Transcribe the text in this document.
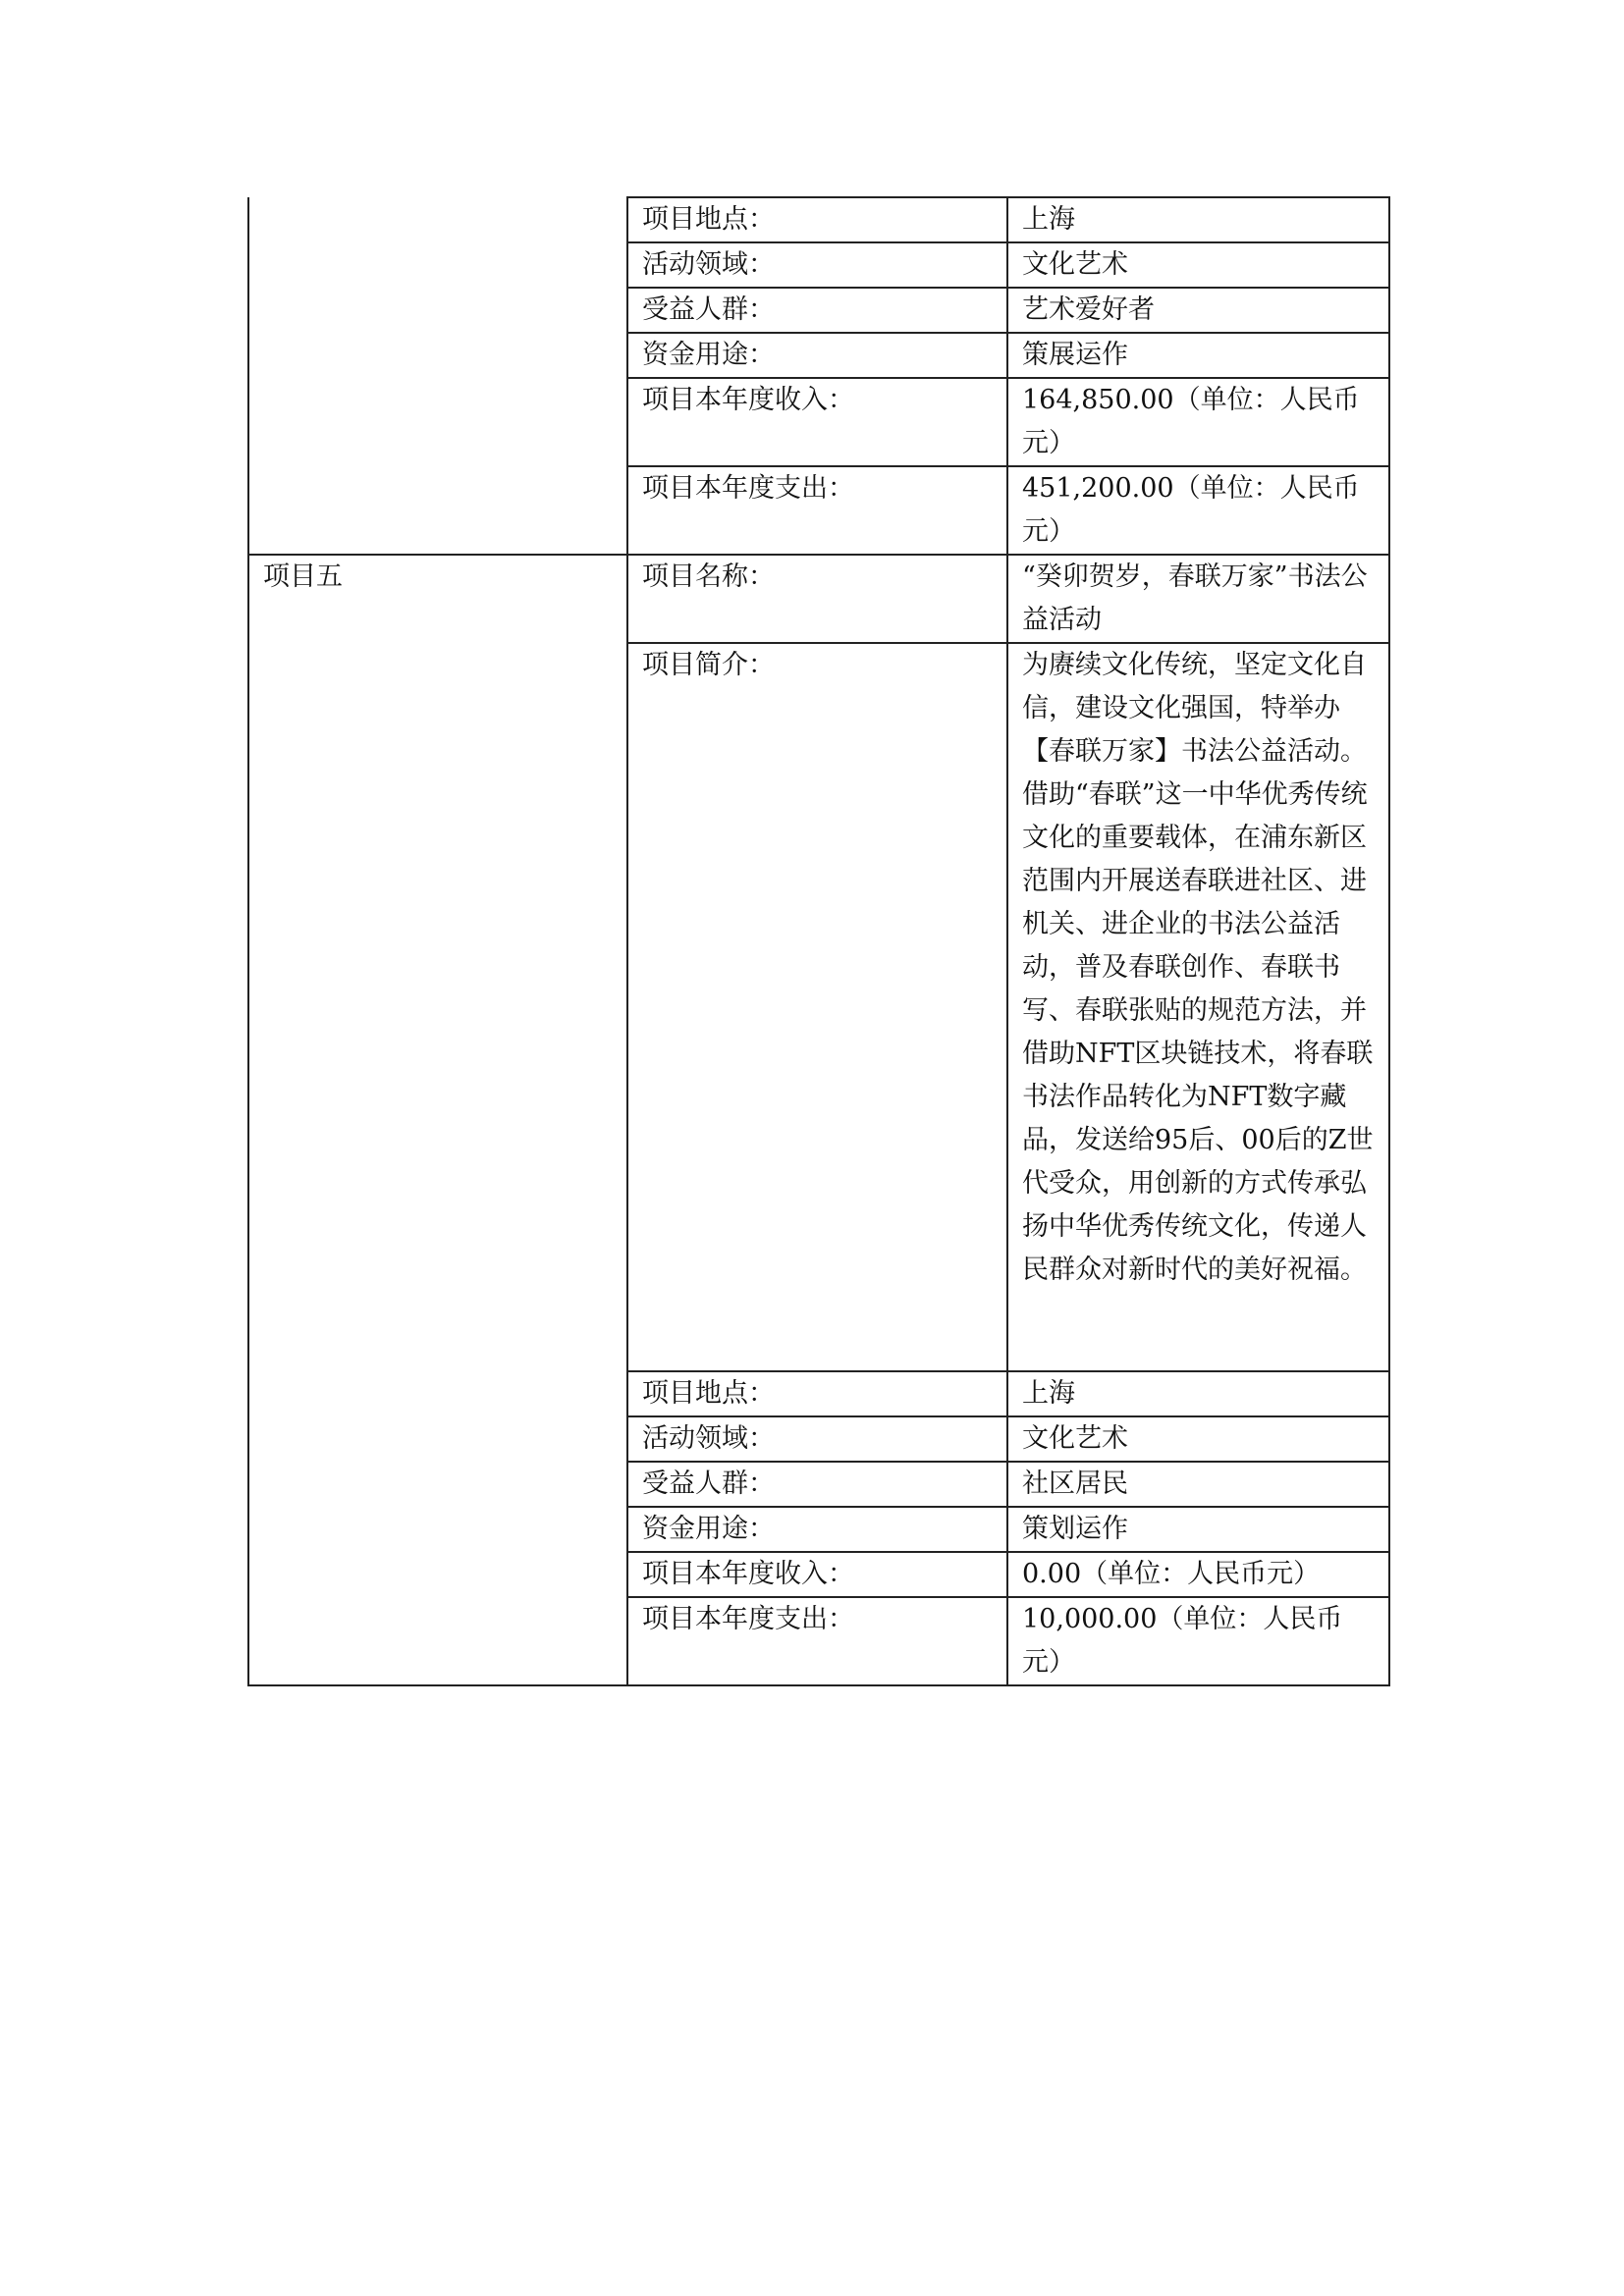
	项目地点：	上海
	活动领域：	文化艺术
	受益人群：	艺术爱好者
	资金用途：	策展运作
	项目本年度收入：	164,850.00（单位：人民币元）
	项目本年度支出：	451,200.00（单位：人民币元）
项目五	项目名称：	“癸卯贺岁，春联万家”书法公益活动
	项目简介：	为赓续文化传统，坚定文化自信，建设文化强国，特举办【春联万家】书法公益活动。借助“春联”这一中华优秀传统文化的重要载体，在浦东新区范围内开展送春联进社区、进机关、进企业的书法公益活动，普及春联创作、春联书写、春联张贴的规范方法，并借助NFT区块链技术，将春联书法作品转化为NFT数字藏品，发送给95后、00后的Z世代受众，用创新的方式传承弘扬中华优秀传统文化，传递人民群众对新时代的美好祝福。

	项目地点：	上海
	活动领域：	文化艺术
	受益人群：	社区居民
	资金用途：	策划运作
	项目本年度收入：	0.00（单位：人民币元）
	项目本年度支出：	10,000.00（单位：人民币元）
